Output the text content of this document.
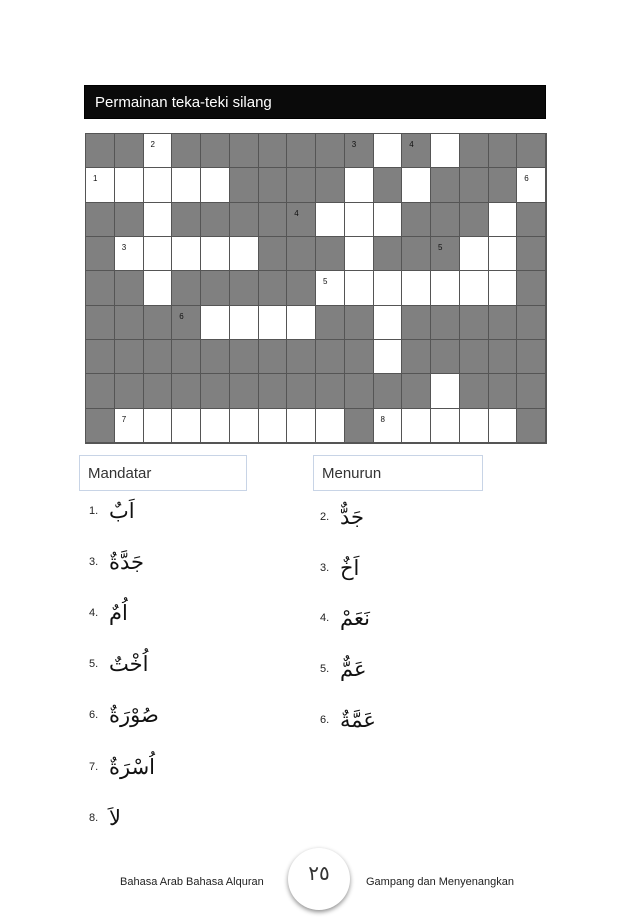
Permainan teka-teki silang
2	3	4
1	6
4
3	5
5
6
7	8
Mandatar	Menurun
1. اَبٌ
3. جَدَّةٌ
4. اُمٌ
5. اُخْتٌ
6. صُوْرَةٌ
7. اُسْرَةٌ
8. لاَ
2. جَدٌّ
3. اَخٌ
4. نَعَمْ
5. عَمٌّ
6. عَمَّةٌ
Bahasa Arab Bahasa Alquran	Gampang dan Menyenangkan
٢٥
